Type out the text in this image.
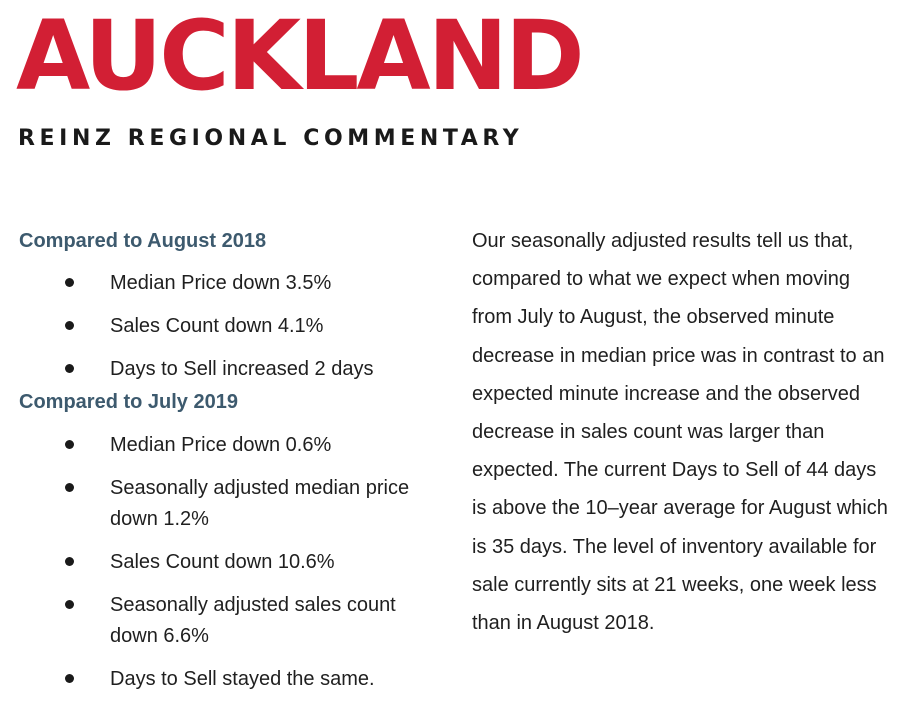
AUCKLAND
REINZ REGIONAL COMMENTARY
Compared to August 2018
Median Price down 3.5%
Sales Count down 4.1%
Days to Sell increased 2 days
Compared to July 2019
Median Price down 0.6%
Seasonally adjusted median price down 1.2%
Sales Count down 10.6%
Seasonally adjusted sales count down 6.6%
Days to Sell stayed the same.

Our seasonally adjusted results tell us that, compared to what we expect when moving from July to August, the observed minute decrease in median price was in contrast to an expected minute increase and the observed decrease in sales count was larger than expected. The current Days to Sell of 44 days is above the 10–year average for August which is 35 days. The level of inventory available for sale currently sits at 21 weeks, one week less than in August 2018.
